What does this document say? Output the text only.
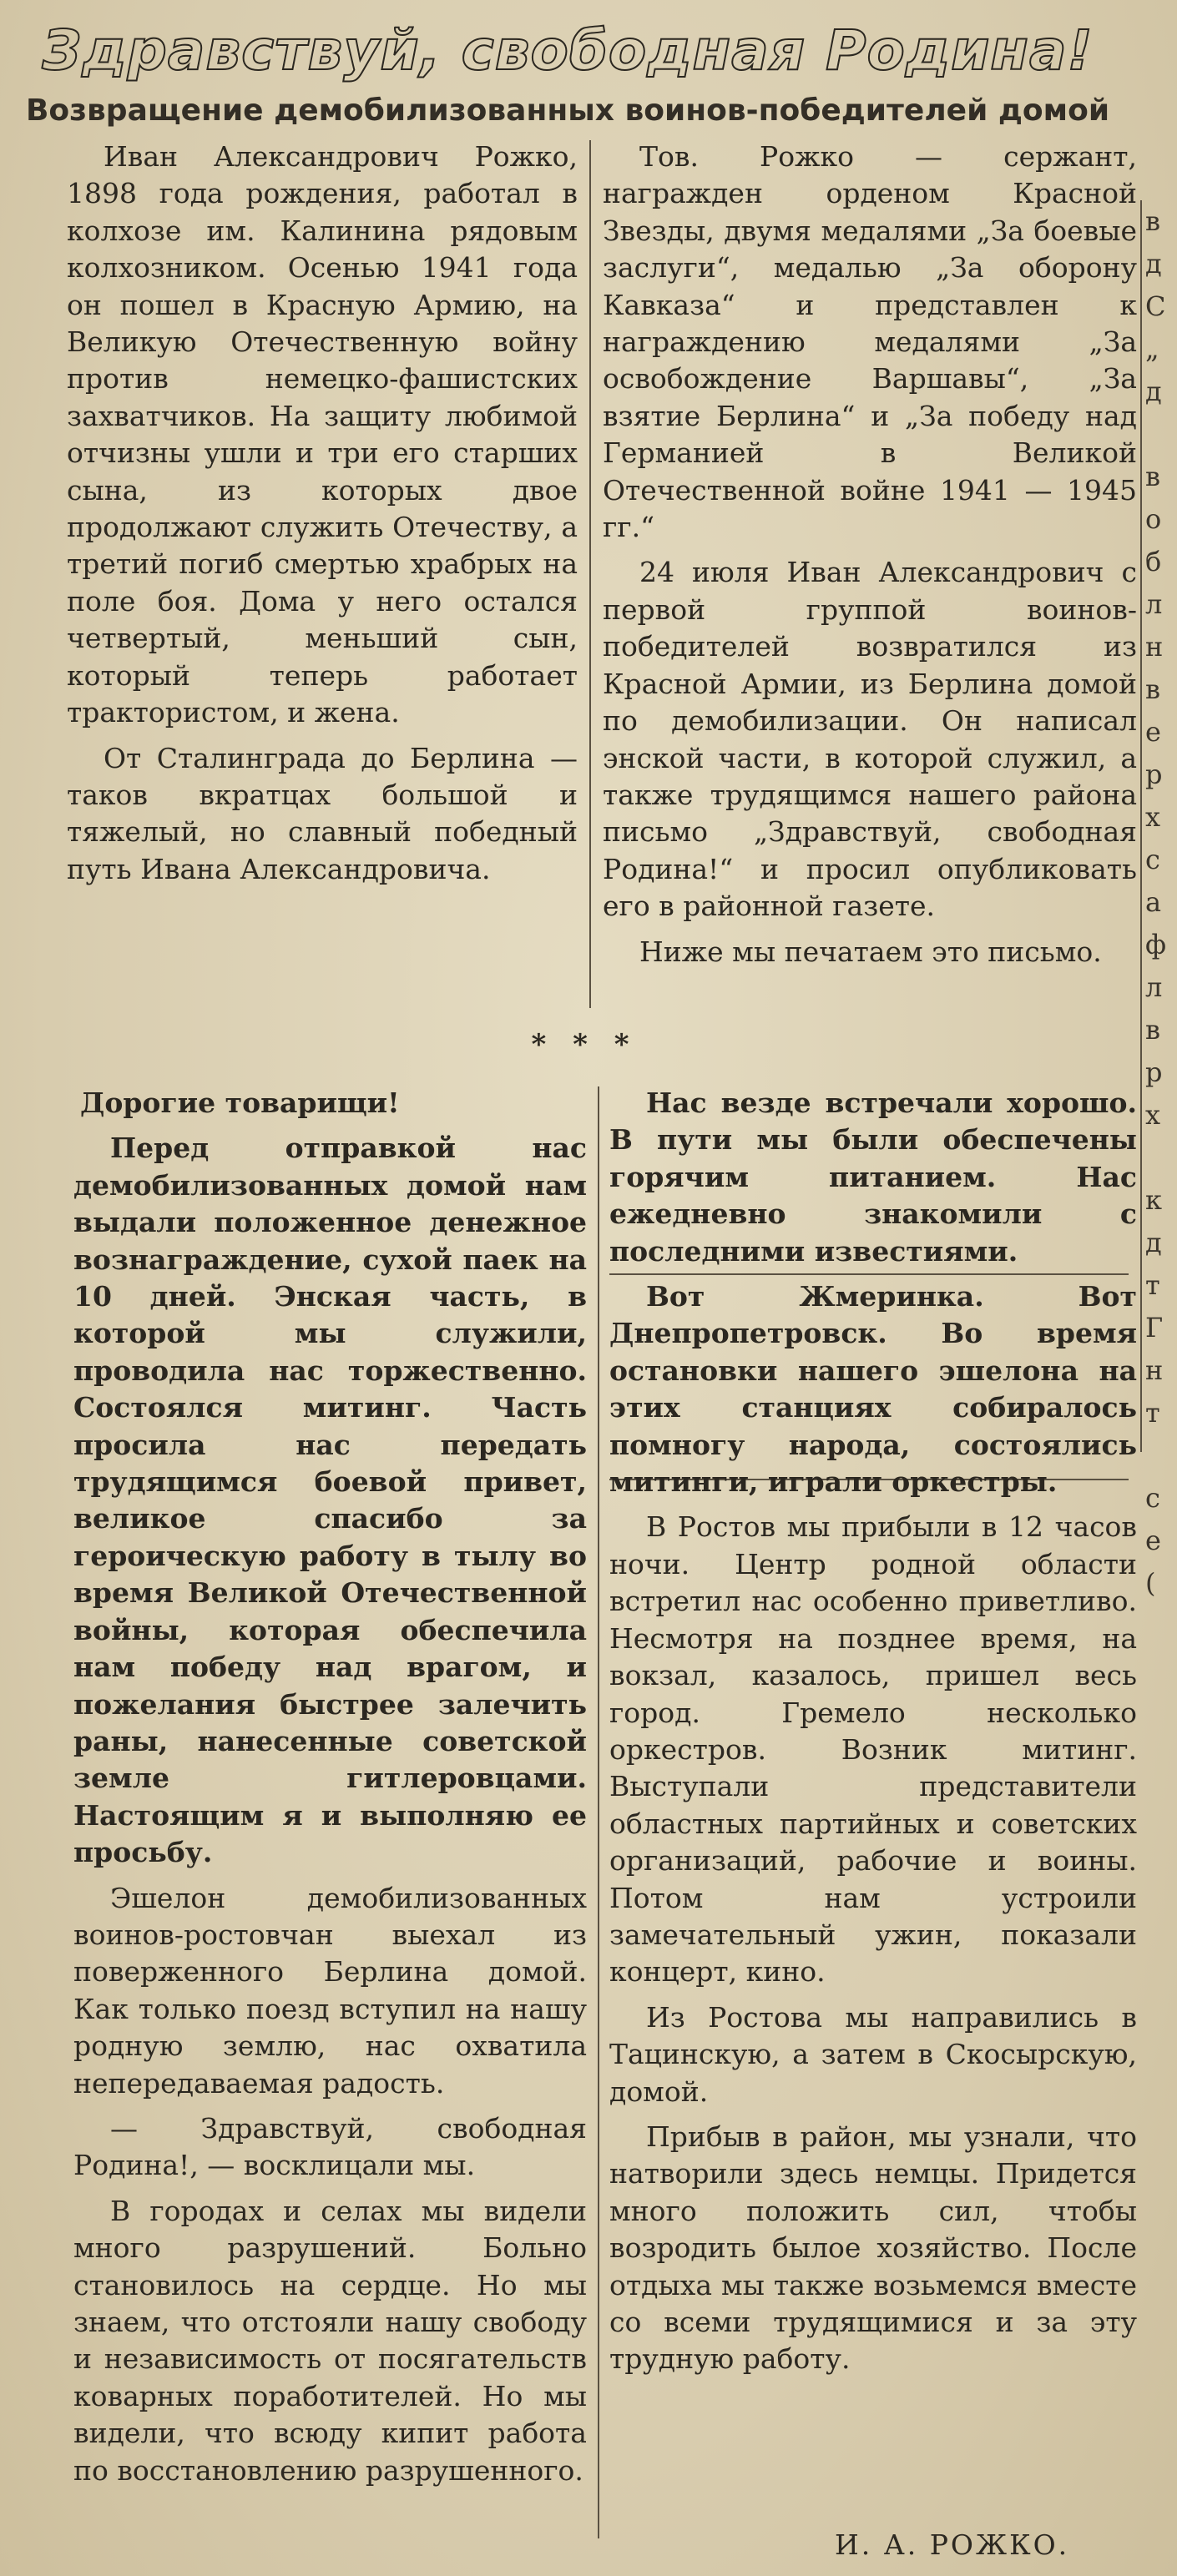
Здравствуй, свободная Родина!
Возвращение демобилизованных воинов-победителей домой

Иван Александрович Рожко, 1898 года рождения, работал в колхозе им. Калинина рядовым колхозником. Осенью 1941 года он пошел в Красную Армию, на Великую Отечественную войну против немецко-фашистских захватчиков. На защиту любимой отчизны ушли и три его старших сына, из которых двое продолжают служить Отечеству, а третий погиб смертью храбрых на поле боя. Дома у него остался четвертый, меньший сын, который теперь работает трактористом, и жена.

От Сталинграда до Берлина — таков вкратцах большой и тяжелый, но славный победный путь Ивана Александровича.

Тов. Рожко — сержант, награжден орденом Красной Звезды, двумя медалями „За боевые заслуги“, медалью „За оборону Кавказа“ и представлен к награждению медалями „За освобождение Варшавы“, „За взятие Берлина“ и „За победу над Германией в Великой Отечественной войне 1941 — 1945 гг.“

24 июля Иван Александрович с первой группой воинов-победителей возвратился из Красной Армии, из Берлина домой по демобилизации. Он написал энской части, в которой служил, а также трудящимся нашего района письмо „Здравствуй, свободная Родина!“ и просил опубликовать его в районной газете.

Ниже мы печатаем это письмо.

* * *

Дорогие товарищи!

Перед отправкой нас демобилизованных домой нам выдали положенное денежное вознаграждение, сухой паек на 10 дней. Энская часть, в которой мы служили, проводила нас торжественно. Состоялся митинг. Часть просила нас передать трудящимся боевой привет, великое спасибо за героическую работу в тылу во время Великой Отечественной войны, которая обеспечила нам победу над врагом, и пожелания быстрее залечить раны, нанесенные советской земле гитлеровцами. Настоящим я и выполняю ее просьбу.

Эшелон демобилизованных воинов-ростовчан выехал из поверженного Берлина домой. Как только поезд вступил на нашу родную землю, нас охватила непередаваемая радость.

— Здравствуй, свободная Родина!, — восклицали мы.

В городах и селах мы видели много разрушений. Больно становилось на сердце. Но мы знаем, что отстояли нашу свободу и независимость от посягательств коварных поработителей. Но мы видели, что всюду кипит работа по восстановлению разрушенного.

Нас везде встречали хорошо. В пути мы были обеспечены горячим питанием. Нас ежедневно знакомили с последними известиями.

Вот Жмеринка. Вот Днепропетровск. Во время остановки нашего эшелона на этих станциях собиралось помногу народа, состоялись митинги, играли оркестры.

В Ростов мы прибыли в 12 часов ночи. Центр родной области встретил нас особенно приветливо. Несмотря на позднее время, на вокзал, казалось, пришел весь город. Гремело несколько оркестров. Возник митинг. Выступали представители областных партийных и советских организаций, рабочие и воины. Потом нам устроили замечательный ужин, показали концерт, кино.

Из Ростова мы направились в Тацинскую, а затем в Скосырскую, домой.

Прибыв в район, мы узнали, что натворили здесь немцы. Придется много положить сил, чтобы возродить былое хозяйство. После отдыха мы также возьмемся вместе со всеми трудящимися и за эту трудную работу.

И. А. РОЖКО.
в
д
С
„
д

в
о
б
л
н
в
е
р
х
с
а
ф
л
в
р
х

к
д
т
Г
н
т

с
е
(
